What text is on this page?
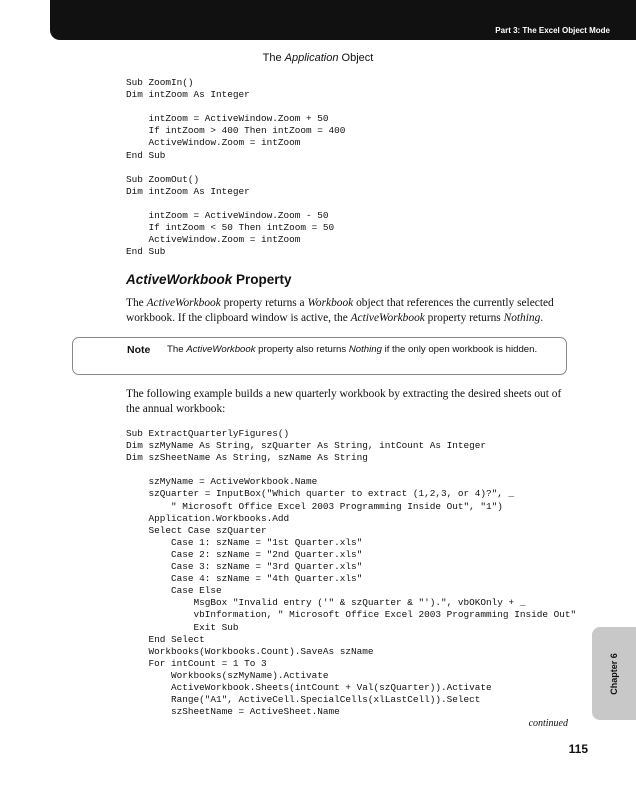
Part 3: The Excel Object Mode
The Application Object
Sub ZoomIn()
Dim intZoom As Integer

intZoom = ActiveWindow.Zoom + 50
If intZoom > 400 Then intZoom = 400
ActiveWindow.Zoom = intZoom
End Sub

Sub ZoomOut()
Dim intZoom As Integer

intZoom = ActiveWindow.Zoom - 50
If intZoom < 50 Then intZoom = 50
ActiveWindow.Zoom = intZoom
End Sub
ActiveWorkbook Property
The ActiveWorkbook property returns a Workbook object that references the currently selected workbook. If the clipboard window is active, the ActiveWorkbook property returns Nothing.
Note	The ActiveWorkbook property also returns Nothing if the only open workbook is hidden.
The following example builds a new quarterly workbook by extracting the desired sheets out of the annual workbook:
Sub ExtractQuarterlyFigures()
Dim szMyName As String, szQuarter As String, intCount As Integer
Dim szSheetName As String, szName As String

szMyName = ActiveWorkbook.Name
szQuarter = InputBox("Which quarter to extract (1,2,3, or 4)?", _
" Microsoft Office Excel 2003 Programming Inside Out", "1")
Application.Workbooks.Add
Select Case szQuarter
Case 1: szName = "1st Quarter.xls"
Case 2: szName = "2nd Quarter.xls"
Case 3: szName = "3rd Quarter.xls"
Case 4: szName = "4th Quarter.xls"
Case Else
MsgBox "Invalid entry ('" & szQuarter & "').", vbOKOnly + _
vbInformation, " Microsoft Office Excel 2003 Programming Inside Out"
Exit Sub
End Select
Workbooks(Workbooks.Count).SaveAs szName
For intCount = 1 To 3
Workbooks(szMyName).Activate
ActiveWorkbook.Sheets(intCount + Val(szQuarter)).Activate
Range("A1", ActiveCell.SpecialCells(xlLastCell)).Select
szSheetName = ActiveSheet.Name
continued
Chapter 6
115
